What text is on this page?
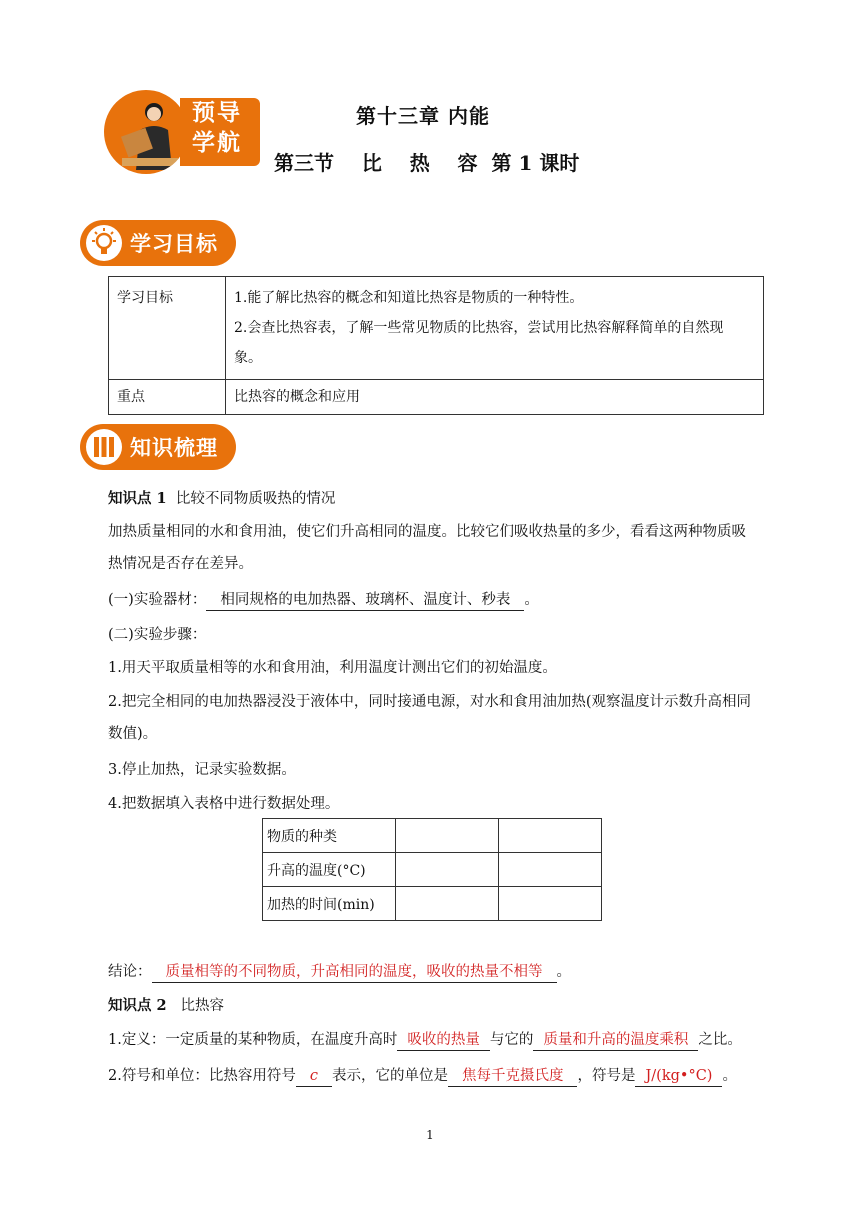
预导
学航
第十三章 内能
第三节    比    热    容  第 1 课时
学习目标
学习目标	1.能了解比热容的概念和知道比热容是物质的一种特性。
2.会查比热容表，了解一些常见物质的比热容，尝试用比热容解释简单的自然现
象。

重点	比热容的概念和应用
知识梳理
知识点 1 比较不同物质吸热的情况
加热质量相同的水和食用油，使它们升高相同的温度。比较它们吸收热量的多少，看看这两种物质吸
热情况是否存在差异。
(一)实验器材： 相同规格的电加热器、玻璃杯、温度计、秒表 。
(二)实验步骤：
1.用天平取质量相等的水和食用油，利用温度计测出它们的初始温度。
2.把完全相同的电加热器浸没于液体中，同时接通电源，对水和食用油加热(观察温度计示数升高相同
数值)。
3.停止加热，记录实验数据。
4.把数据填入表格中进行数据处理。
物质的种类		
升高的温度(°C)		
加热的时间(min)		
结论： 质量相等的不同物质，升高相同的温度，吸收的热量不相等 。
知识点 2 比热容
1.定义：一定质量的某种物质，在温度升高时 吸收的热量 与它的 质量和升高的温度乘积 之比。
2.符号和单位：比热容用符号 c 表示，它的单位是 焦每千克摄氏度 ，符号是 J/(kg•°C) 。
1
